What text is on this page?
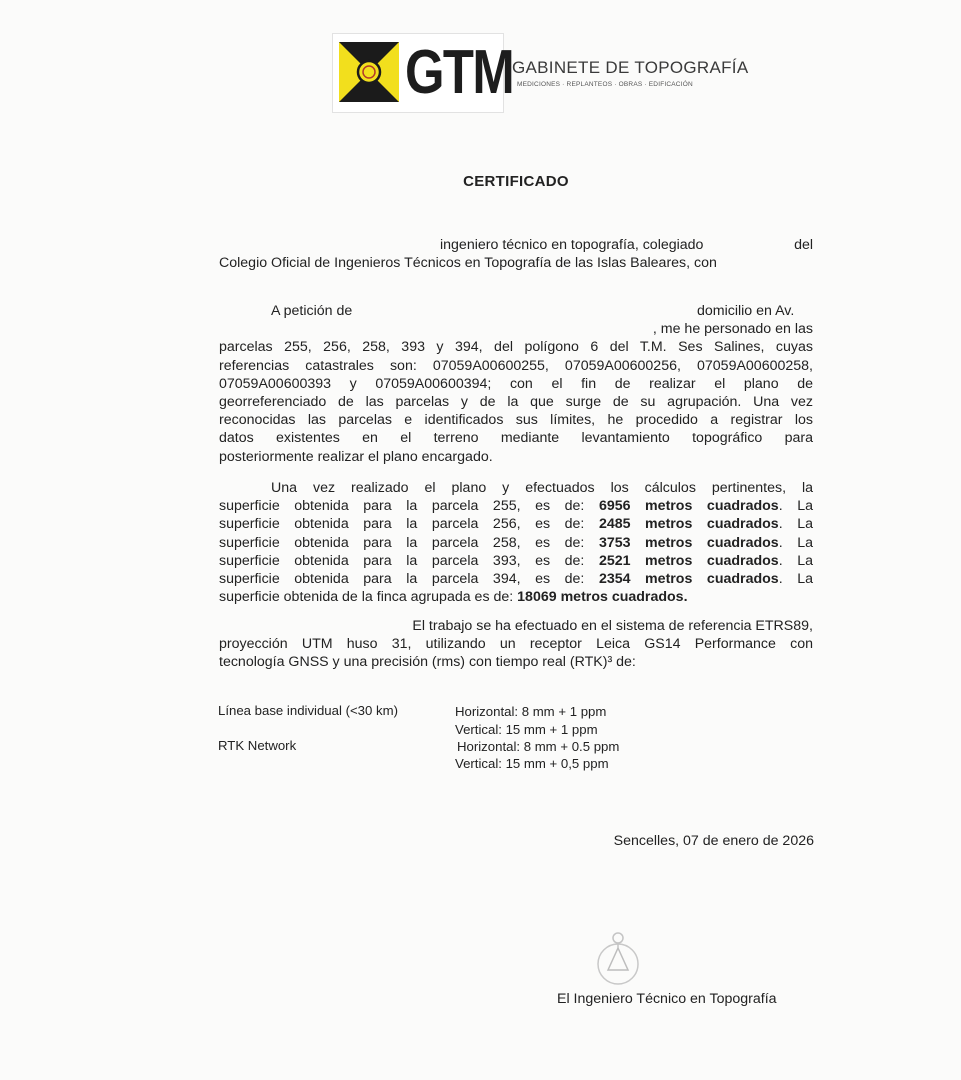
GTM
GABINETE DE TOPOGRAFÍA
MEDICIONES · REPLANTEOS · OBRAS · EDIFICACIÓN
CERTIFICADO
ingeniero técnico en topografía, colegiado	del
Colegio Oficial de Ingenieros Técnicos en Topografía de las Islas Baleares, con
A petición de	domicilio en Av.
, me he personado en las
parcelas 255, 256, 258, 393 y 394, del polígono 6 del T.M. Ses Salines, cuyas
referencias catastrales son: 07059A00600255, 07059A00600256, 07059A00600258,
07059A00600393 y 07059A00600394; con el fin de realizar el plano de
georreferenciado de las parcelas y de la que surge de su agrupación. Una vez
reconocidas las parcelas e identificados sus límites, he procedido a registrar los
datos existentes en el terreno mediante levantamiento topográfico para
posteriormente realizar el plano encargado.
Una vez realizado el plano y efectuados los cálculos pertinentes, la
superficie obtenida para la parcela 255, es de: 6956 metros cuadrados. La
superficie obtenida para la parcela 256, es de: 2485 metros cuadrados. La
superficie obtenida para la parcela 258, es de: 3753 metros cuadrados. La
superficie obtenida para la parcela 393, es de: 2521 metros cuadrados. La
superficie obtenida para la parcela 394, es de: 2354 metros cuadrados. La
superficie obtenida de la finca agrupada es de: 18069 metros cuadrados.
El trabajo se ha efectuado en el sistema de referencia ETRS89,
proyección UTM huso 31, utilizando un receptor Leica GS14 Performance con
tecnología GNSS y una precisión (rms) con tiempo real (RTK)³ de:
Línea base individual (<30 km)	Horizontal: 8 mm + 1 ppm
Vertical: 15 mm + 1 ppm
RTK Network	Horizontal: 8 mm + 0.5 ppm
Vertical: 15 mm + 0,5 ppm
Sencelles, 07 de enero de 2026
El Ingeniero Técnico en Topografía
